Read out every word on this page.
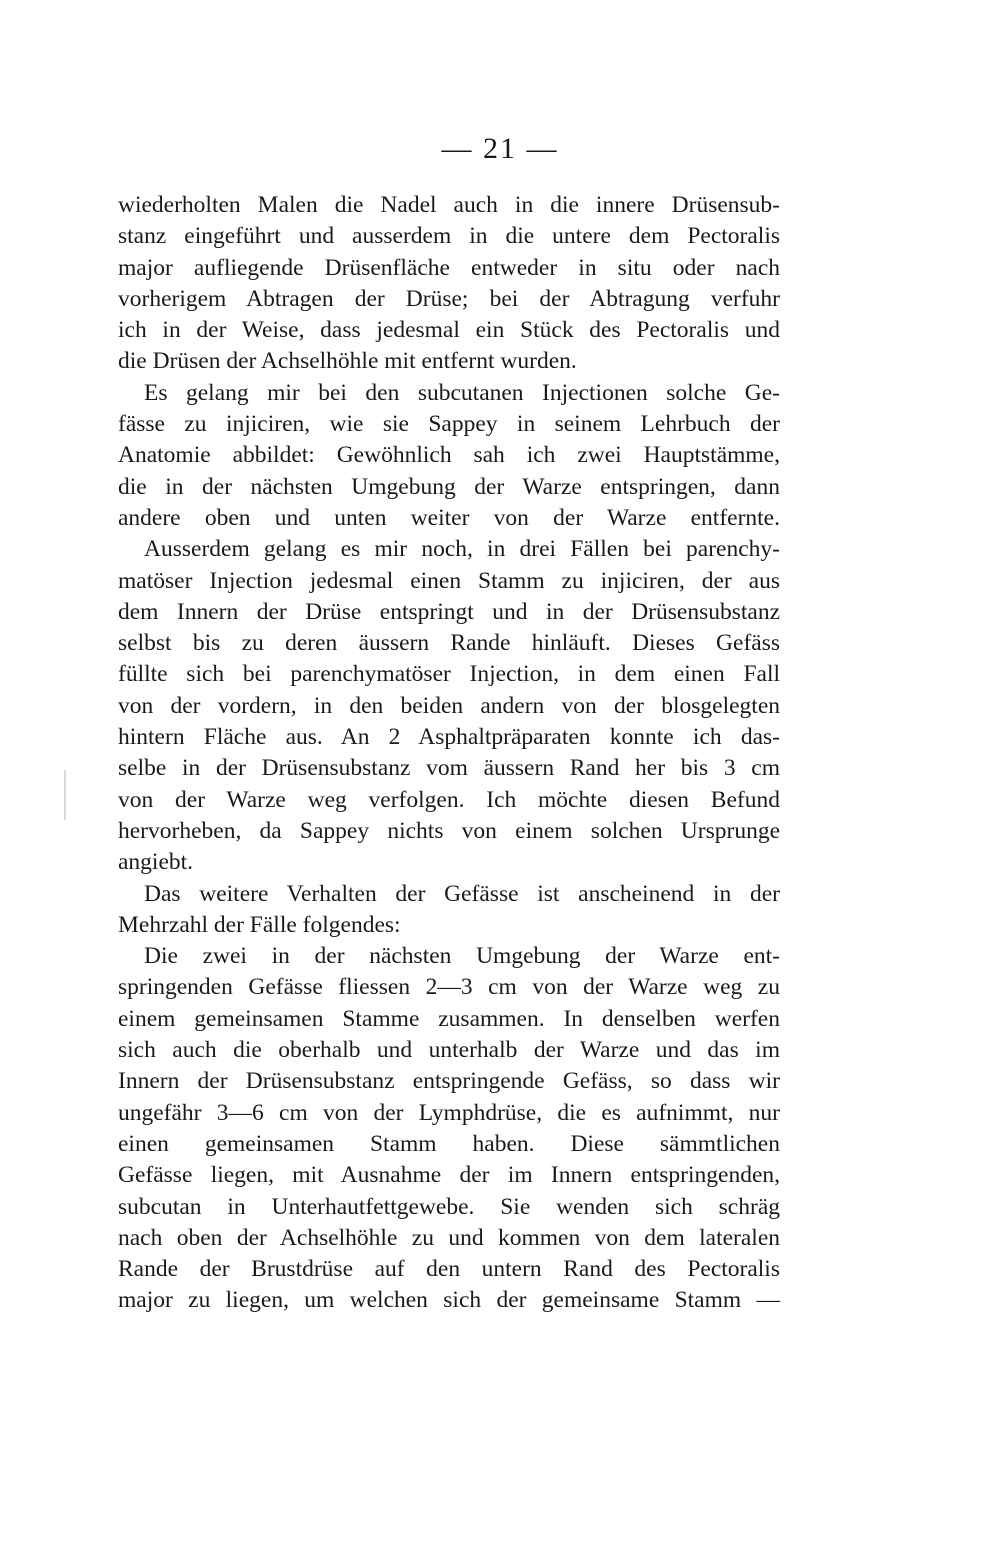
— 21 —
wiederholten Malen die Nadel auch in die innere Drüsensub-
stanz eingeführt und ausserdem in die untere dem Pectoralis
major aufliegende Drüsenfläche entweder in situ oder nach
vorherigem Abtragen der Drüse; bei der Abtragung verfuhr
ich in der Weise, dass jedesmal ein Stück des Pectoralis und
die Drüsen der Achselhöhle mit entfernt wurden.
Es gelang mir bei den subcutanen Injectionen solche Ge-
fässe zu injiciren, wie sie Sappey in seinem Lehrbuch der
Anatomie abbildet: Gewöhnlich sah ich zwei Hauptstämme,
die in der nächsten Umgebung der Warze entspringen, dann
andere oben und unten weiter von der Warze entfernte.
Ausserdem gelang es mir noch, in drei Fällen bei parenchy-
matöser Injection jedesmal einen Stamm zu injiciren, der aus
dem Innern der Drüse entspringt und in der Drüsensubstanz
selbst bis zu deren äussern Rande hinläuft. Dieses Gefäss
füllte sich bei parenchymatöser Injection, in dem einen Fall
von der vordern, in den beiden andern von der blosgelegten
hintern Fläche aus. An 2 Asphaltpräparaten konnte ich das-
selbe in der Drüsensubstanz vom äussern Rand her bis 3 cm
von der Warze weg verfolgen. Ich möchte diesen Befund
hervorheben, da Sappey nichts von einem solchen Ursprunge
angiebt.
Das weitere Verhalten der Gefässe ist anscheinend in der
Mehrzahl der Fälle folgendes:
Die zwei in der nächsten Umgebung der Warze ent-
springenden Gefässe fliessen 2—3 cm von der Warze weg zu
einem gemeinsamen Stamme zusammen. In denselben werfen
sich auch die oberhalb und unterhalb der Warze und das im
Innern der Drüsensubstanz entspringende Gefäss, so dass wir
ungefähr 3—6 cm von der Lymphdrüse, die es aufnimmt, nur
einen gemeinsamen Stamm haben. Diese sämmtlichen
Gefässe liegen, mit Ausnahme der im Innern entspringenden,
subcutan in Unterhautfettgewebe. Sie wenden sich schräg
nach oben der Achselhöhle zu und kommen von dem lateralen
Rande der Brustdrüse auf den untern Rand des Pectoralis
major zu liegen, um welchen sich der gemeinsame Stamm —
